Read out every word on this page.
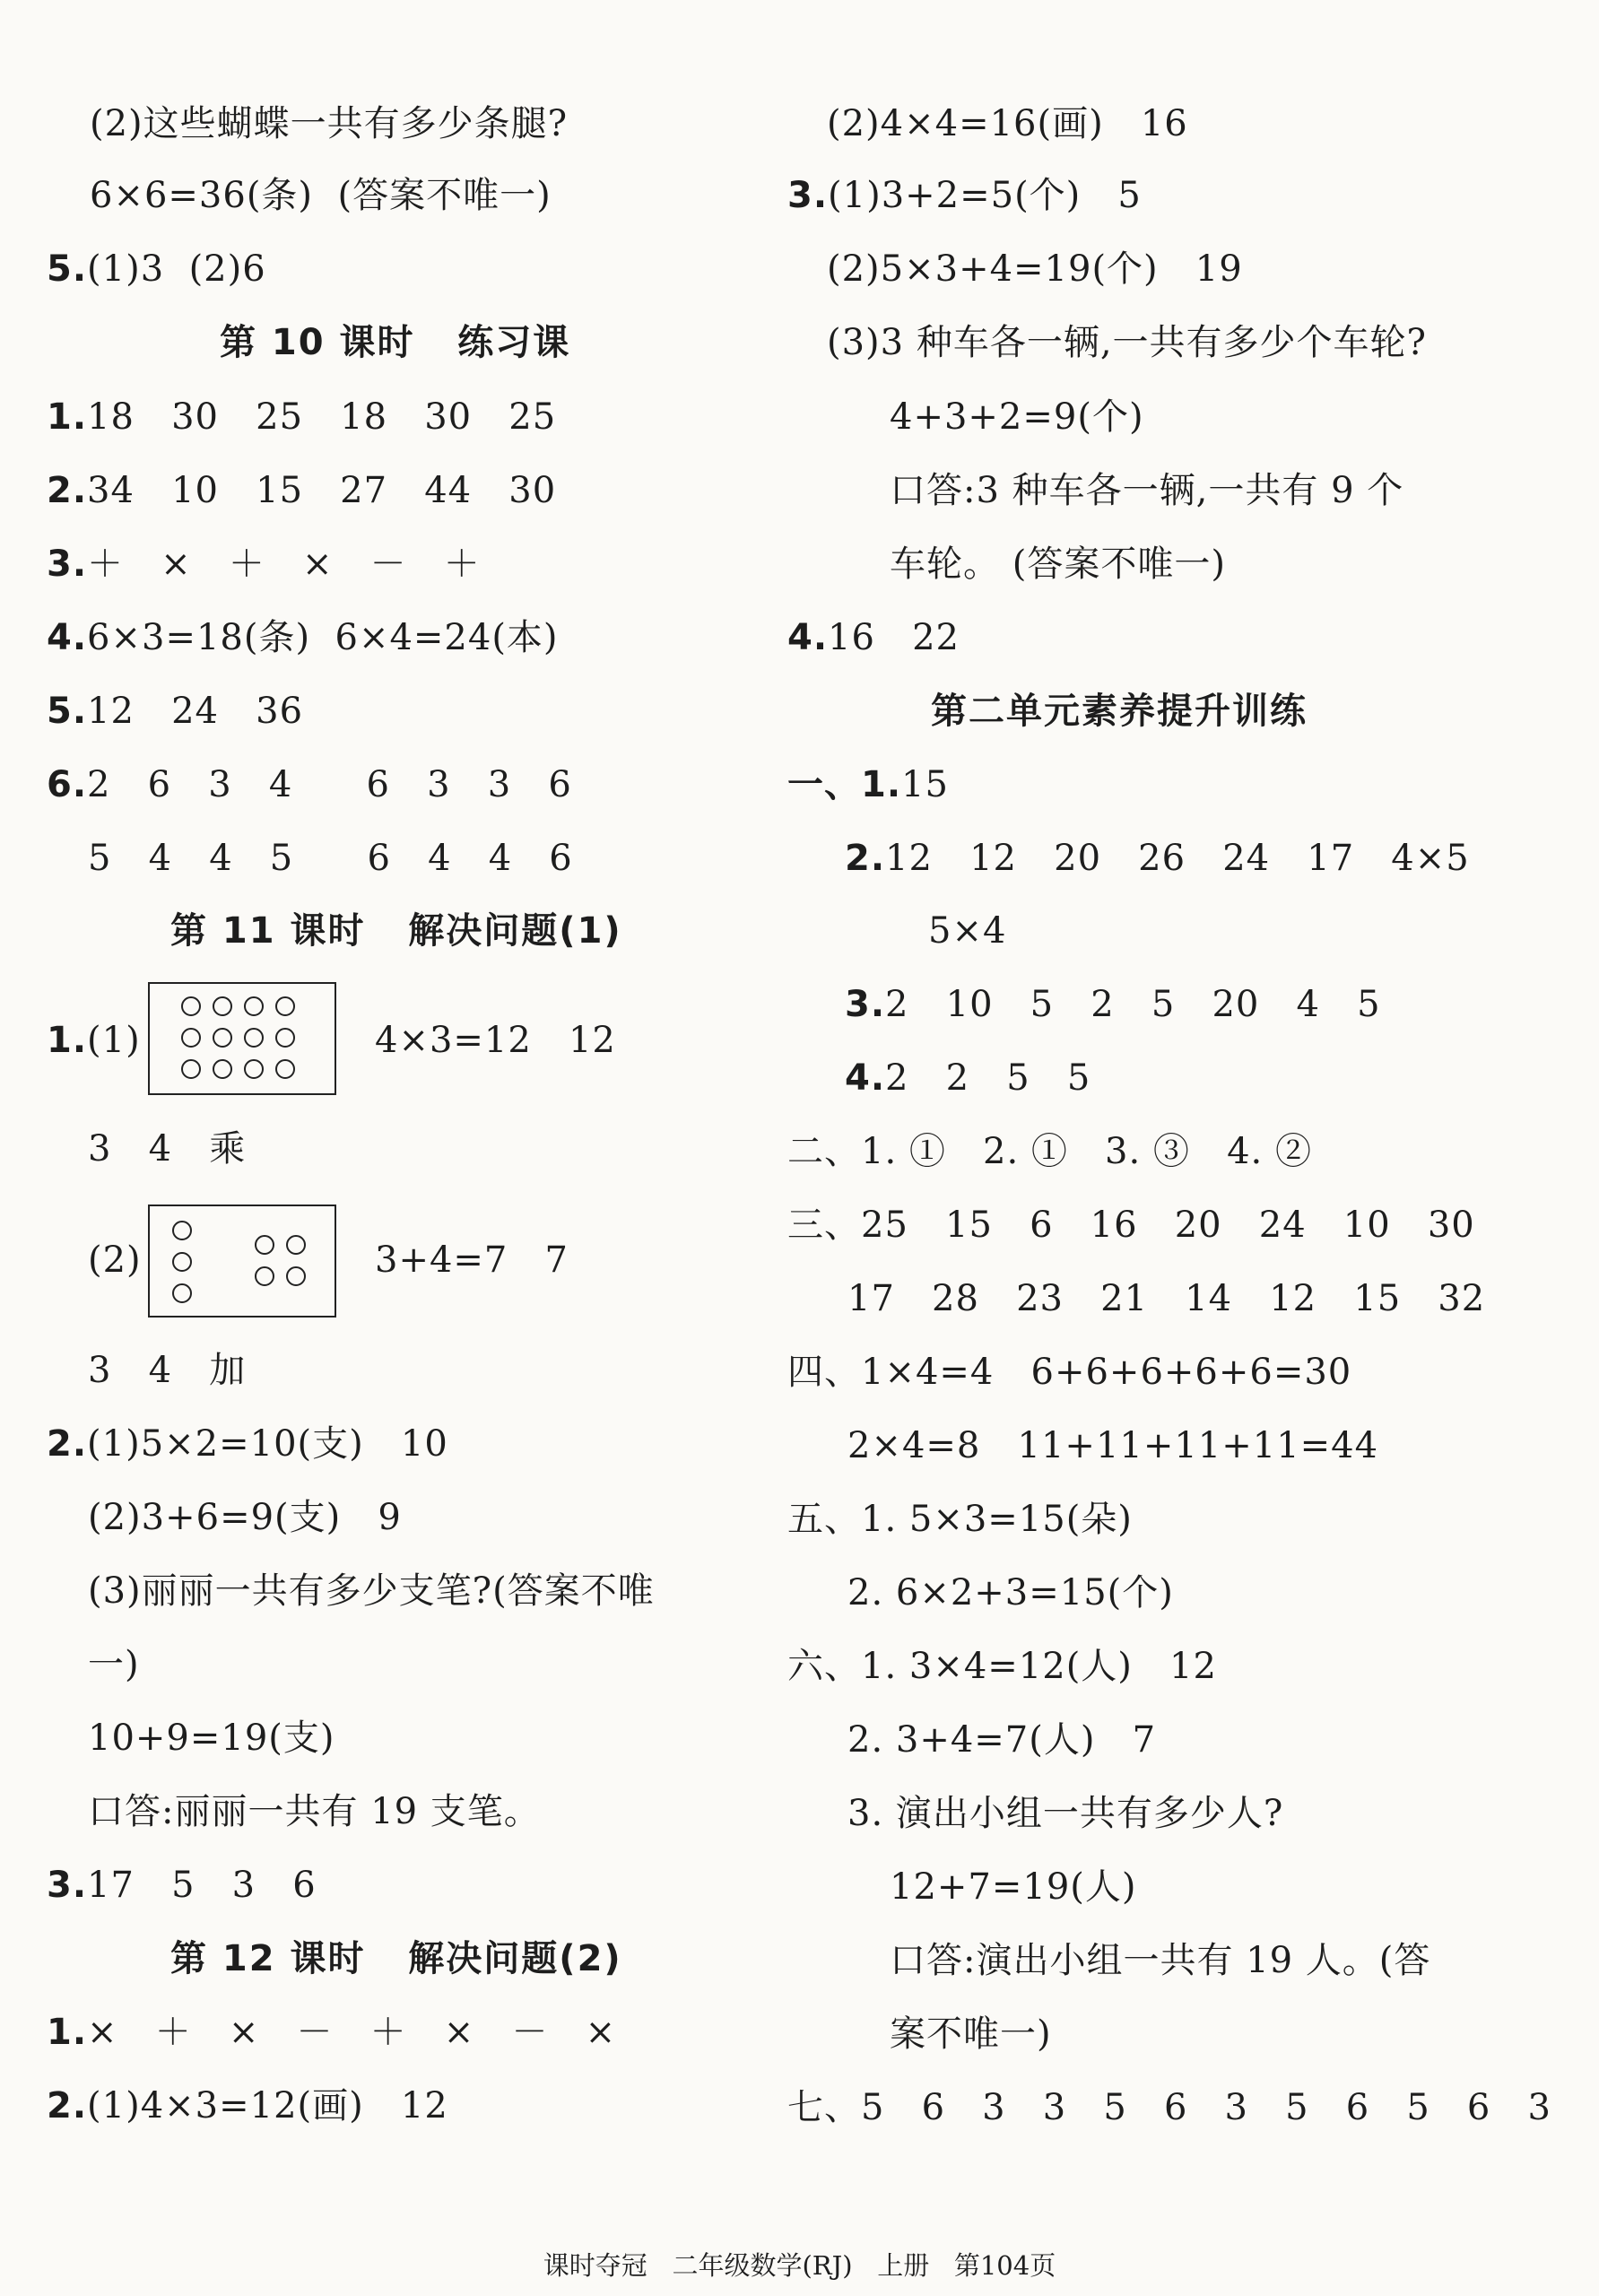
(2)这些蝴蝶一共有多少条腿?
6×6=36(条)  (答案不唯一)
5.(1)3  (2)6
第 10 课时   练习课
1.18   30   25   18   30   25
2.34   10   15   27   44   30
3.＋   ×   ＋   ×   －   ＋
4.6×3=18(条)  6×4=24(本)
5.12   24   36
6.2   6   3   4      6   3   3   6
5   4   4   5      6   4   4   6
第 11 课时   解决问题(1)
1.(1)	4×3=12   12
3   4   乘
(2)	3+4=7   7
3   4   加
2.(1)5×2=10(支)   10
(2)3+6=9(支)   9
(3)丽丽一共有多少支笔?(答案不唯
一)
10+9=19(支)
口答:丽丽一共有 19 支笔。
3.17   5   3   6
第 12 课时   解决问题(2)
1.×   ＋   ×   －   ＋   ×   －   ×
2.(1)4×3=12(画)   12
(2)4×4=16(画)   16
3.(1)3+2=5(个)   5
(2)5×3+4=19(个)   19
(3)3 种车各一辆,一共有多少个车轮?
4+3+2=9(个)
口答:3 种车各一辆,一共有 9 个
车轮。 (答案不唯一)
4.16   22
第二单元素养提升训练
一、1.15
2.12   12   20   26   24   17   4×5
5×4
3.2   10   5   2   5   20   4   5
4.2   2   5   5
二、1. ①   2. ①   3. ③   4. ②
三、25   15   6   16   20   24   10   30
17   28   23   21   14   12   15   32
四、1×4=4   6+6+6+6+6=30
2×4=8   11+11+11+11=44
五、1. 5×3=15(朵)
2. 6×2+3=15(个)
六、1. 3×4=12(人)   12
2. 3+4=7(人)   7
3. 演出小组一共有多少人?
12+7=19(人)
口答:演出小组一共有 19 人。(答
案不唯一)
七、5   6   3   3   5   6   3   5   6   5   6   3
课时夺冠   二年级数学(RJ)   上册   第104页
